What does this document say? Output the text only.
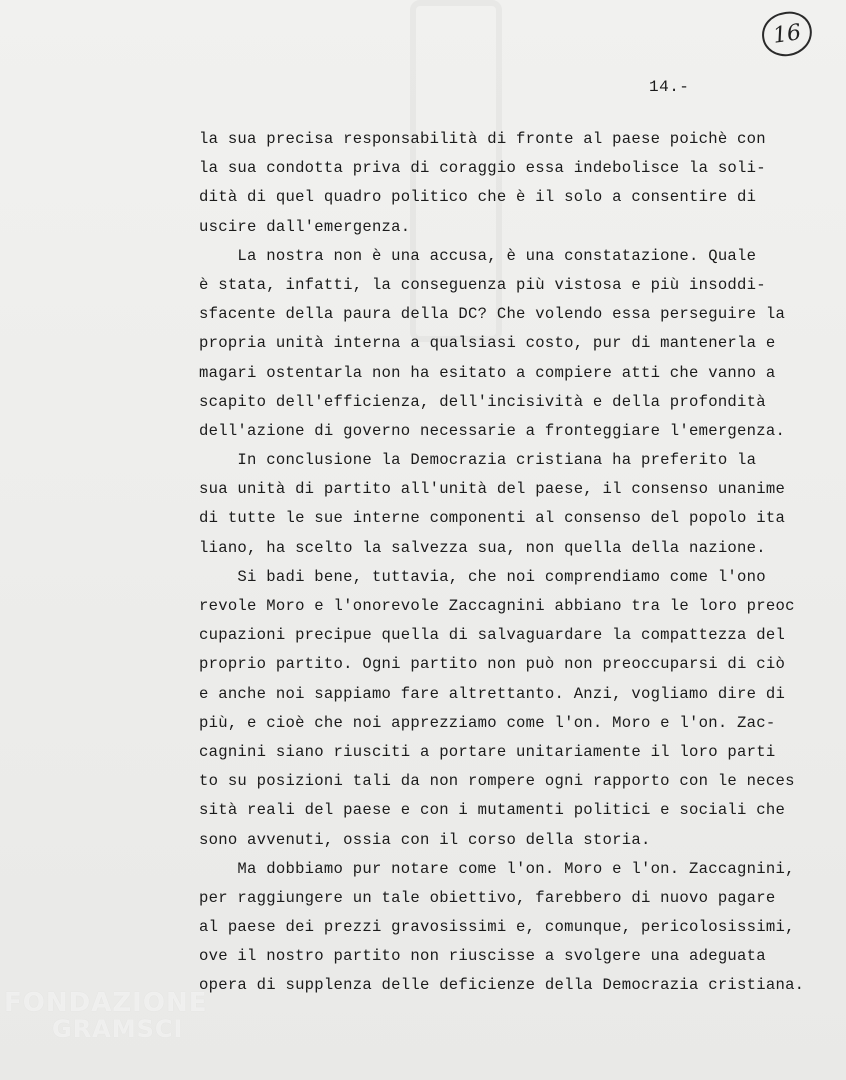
16
14.-
la sua precisa responsabilità di fronte al paese poichè con
la sua condotta priva di coraggio essa indebolisce la soli-
dità di quel quadro politico che è il solo a consentire di
uscire dall'emergenza.
La nostra non è una accusa, è una constatazione. Quale
è stata, infatti, la conseguenza più vistosa e più insoddi-
sfacente della paura della DC? Che volendo essa perseguire la
propria unità interna a qualsiasi costo, pur di mantenerla e
magari ostentarla non ha esitato a compiere atti che vanno a
scapito dell'efficienza, dell'incisività e della profondità
dell'azione di governo necessarie a fronteggiare l'emergenza.
In conclusione la Democrazia cristiana ha preferito la
sua unità di partito all'unità del paese, il consenso unanime
di tutte le sue interne componenti al consenso del popolo ita
liano, ha scelto la salvezza sua, non quella della nazione.
Si badi bene, tuttavia, che noi comprendiamo come l'ono
revole Moro e l'onorevole Zaccagnini abbiano tra le loro preoc
cupazioni precipue quella di salvaguardare la compattezza del
proprio partito. Ogni partito non può non preoccuparsi di ciò
e anche noi sappiamo fare altrettanto. Anzi, vogliamo dire di
più, e cioè che noi apprezziamo come l'on. Moro e l'on. Zac-
cagnini siano riusciti a portare unitariamente il loro parti
to su posizioni tali da non rompere ogni rapporto con le neces
sità reali del paese e con i mutamenti politici e sociali che
sono avvenuti, ossia con il corso della storia.
Ma dobbiamo pur notare come l'on. Moro e l'on. Zaccagnini,
per raggiungere un tale obiettivo, farebbero di nuovo pagare
al paese dei prezzi gravosissimi e, comunque, pericolosissimi,
ove il nostro partito non riuscisse a svolgere una adeguata
opera di supplenza delle deficienze della Democrazia cristiana.
FONDAZIONE
GRAMSCI
